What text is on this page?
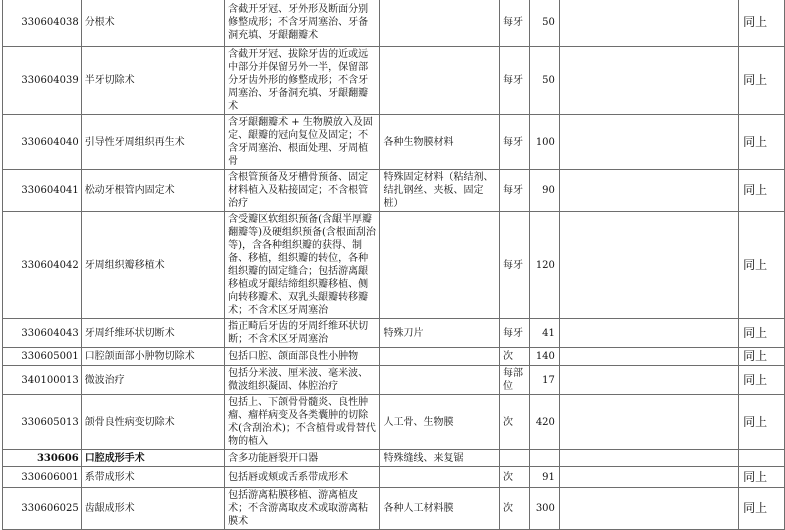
330604038	分根术	含截开牙冠、牙外形及断面分别修整成形；不含牙周塞治、牙备洞充填、牙龈翻瓣术		每牙	50		同上
330604039	半牙切除术	含截开牙冠、拔除牙齿的近或远中部分并保留另外一半，保留部分牙齿外形的修整成形；不含牙周塞治、牙备洞充填、牙龈翻瓣术		每牙	50		同上
330604040	引导性牙周组织再生术	含牙龈翻瓣术 + 生物膜放入及固定、龈瓣的冠向复位及固定；不含牙周塞治、根面处理、牙周植骨	各种生物膜材料	每牙	100		同上
330604041	松动牙根管内固定术	含根管预备及牙槽骨预备、固定材料植入及粘接固定；不含根管治疗	特殊固定材料（粘结剂、结扎钢丝、夹板、固定桩）	每牙	90		同上
330604042	牙周组织瓣移植术	含受瓣区软组织预备(含龈半厚瓣翻瓣等)及硬组织预备(含根面刮治等)，含各种组织瓣的获得、制备、移植，组织瓣的转位，各种组织瓣的固定缝合；包括游离龈移植或牙龈结缔组织瓣移植、侧向转移瓣术、双乳头龈瓣转移瓣术；不含术区牙周塞治		每牙	120		同上
330604043	牙周纤维环状切断术	指正畸后牙齿的牙周纤维环状切断；不含术区牙周塞治	特殊刀片	每牙	41		同上
330605001	口腔颌面部小肿物切除术	包括口腔、颌面部良性小肿物		次	140		同上
340100013	微波治疗	包括分米波、厘米波、毫米波、微波组织凝固、体腔治疗		每部位	17		同上
330605013	颌骨良性病变切除术	包括上、下颌骨骨髓炎、良性肿瘤、瘤样病变及各类囊肿的切除术(含刮治术)；不含植骨或骨替代物的植入	人工骨、生物膜	次	420		同上
330606	口腔成形手术	含多功能唇裂开口器	特殊缝线、来复锯				
330606001	系带成形术	包括唇或颊或舌系带成形术		次	91		同上
330606025	齿龈成形术	包括游离粘膜移植、游离植皮术；不含游离取皮术或取游离粘膜术	各种人工材料膜	次	300		同上
